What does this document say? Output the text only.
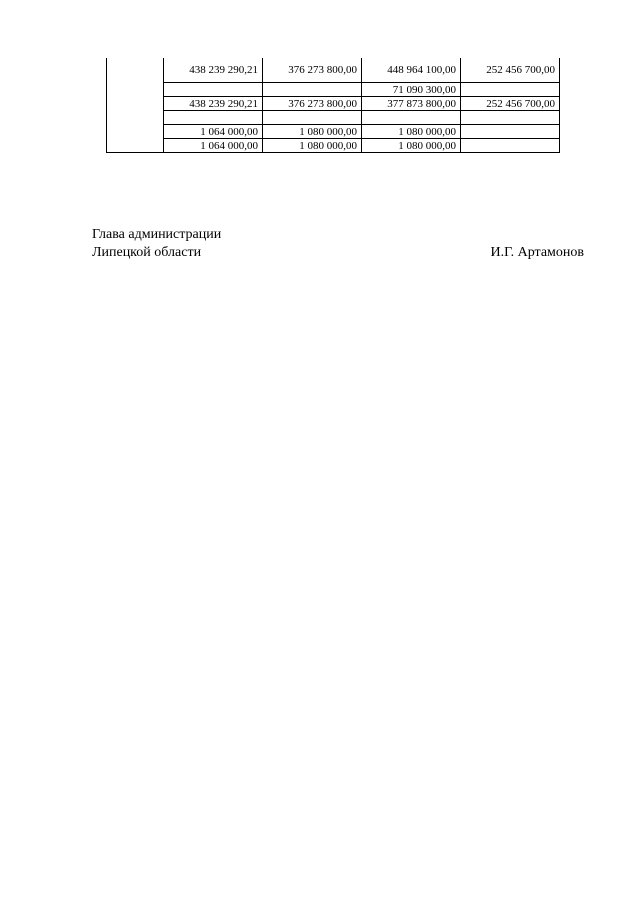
	438 239 290,21	376 273 800,00	448 964 100,00	252 456 700,00
			71 090 300,00	
	438 239 290,21	376 273 800,00	377 873 800,00	252 456 700,00

	1 064 000,00	1 080 000,00	1 080 000,00	
	1 064 000,00	1 080 000,00	1 080 000,00	
Глава администрации
Липецкой области	И.Г. Артамонов
